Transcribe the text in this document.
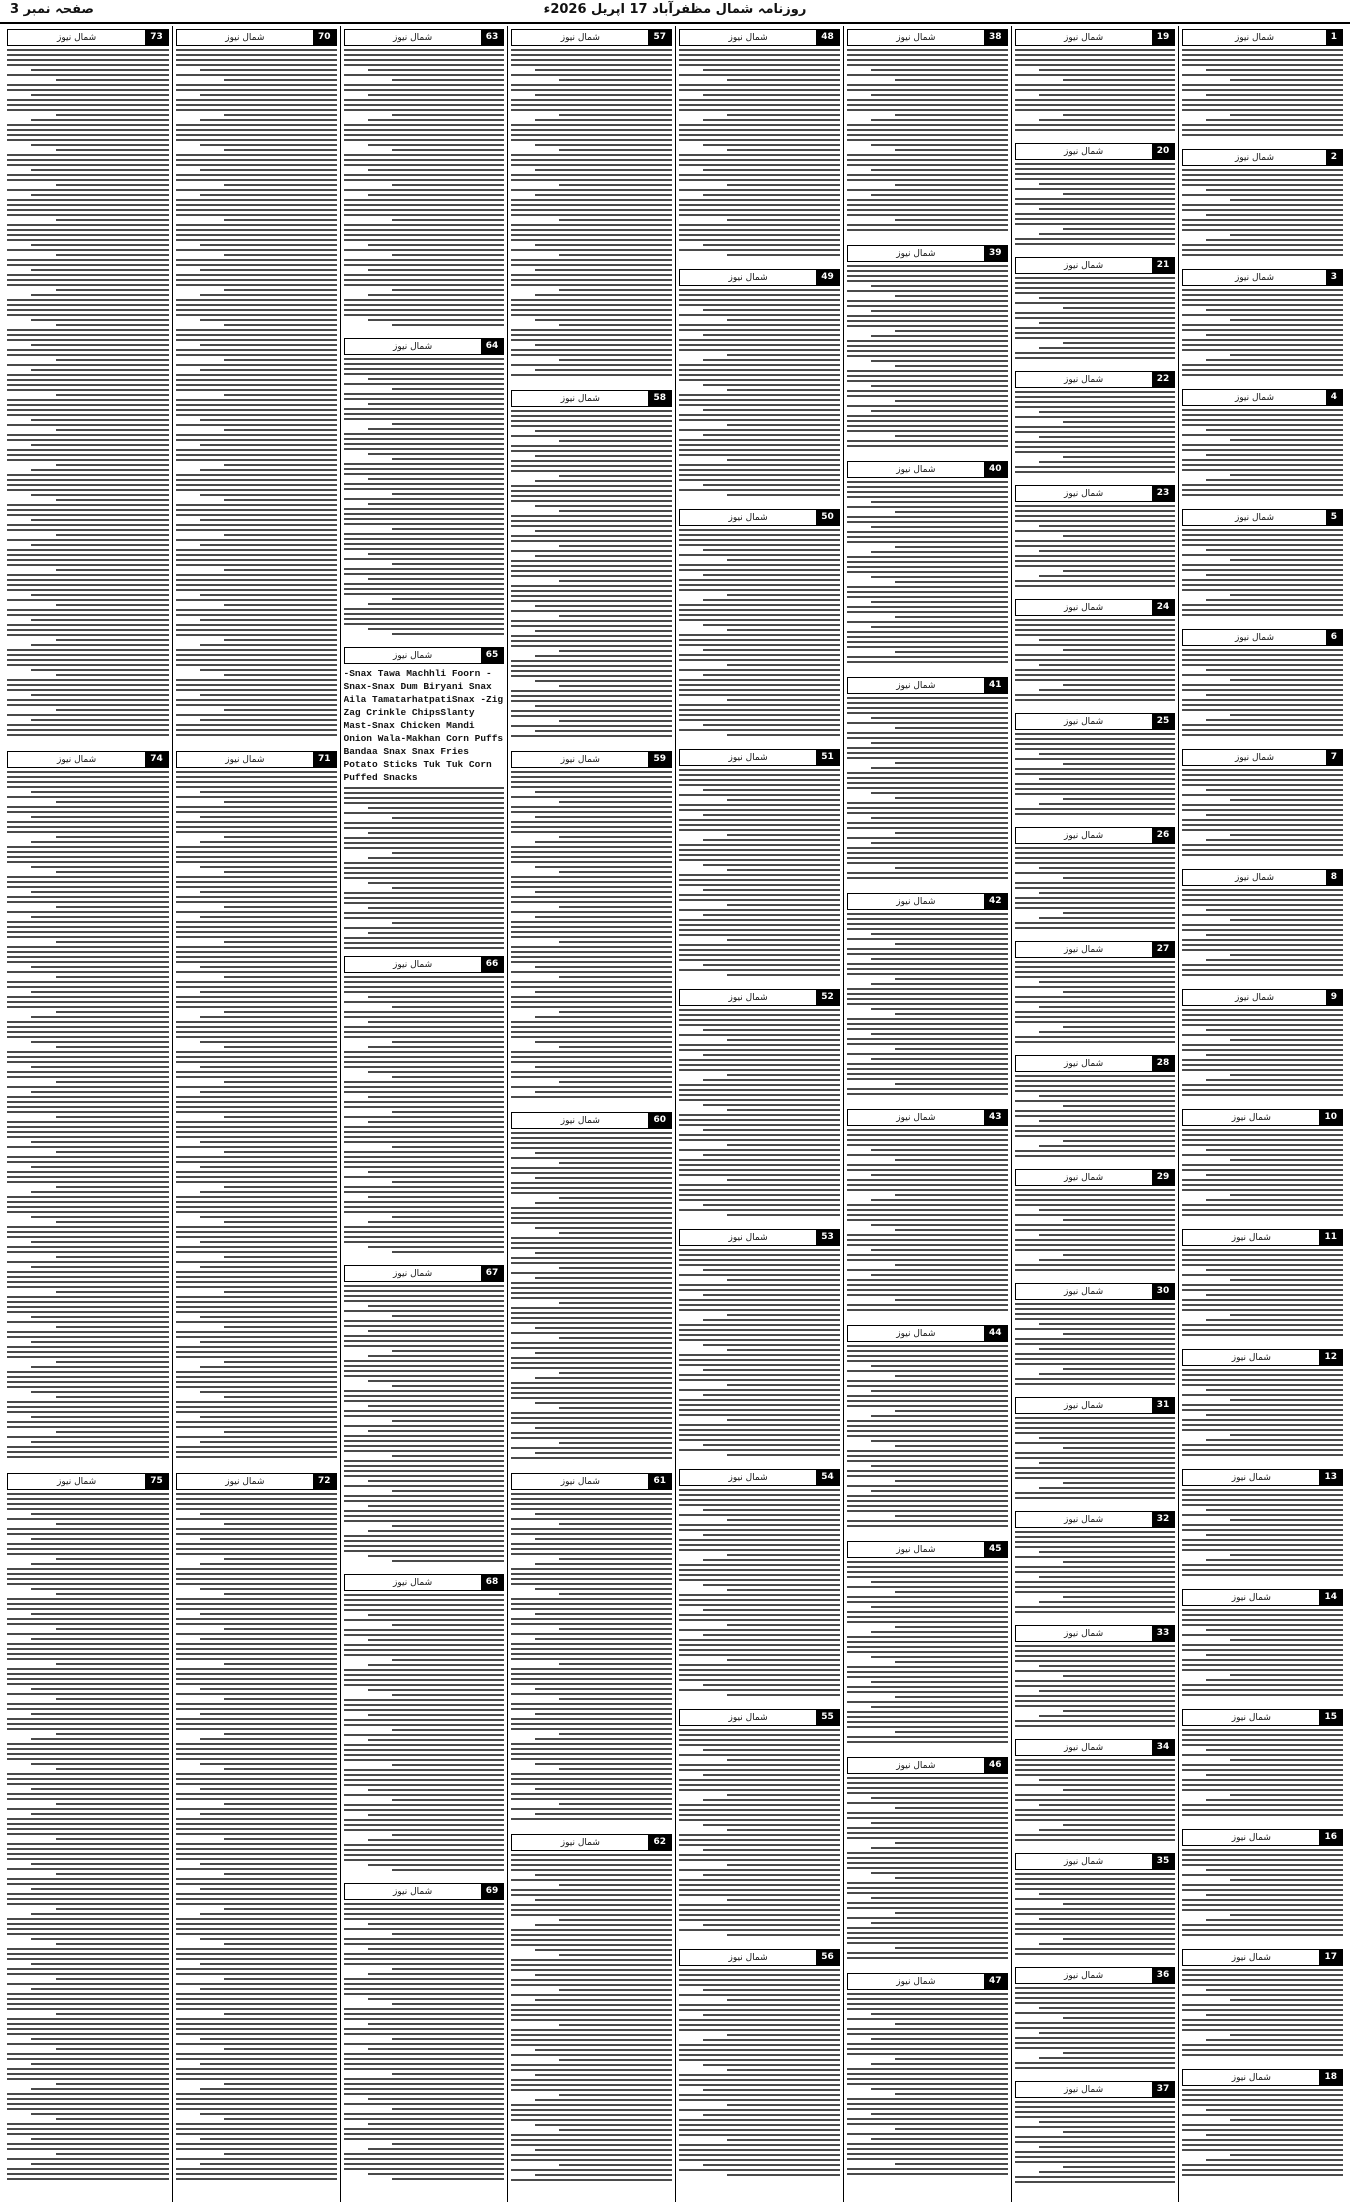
روزنامہ شمال مظفرآباد 17 اپریل 2026ء
صفحہ نمبر 3
1
شمال نیوز
2
شمال نیوز
3
شمال نیوز
4
شمال نیوز
5
شمال نیوز
6
شمال نیوز
7
شمال نیوز
8
شمال نیوز
9
شمال نیوز
10
شمال نیوز
11
شمال نیوز
12
شمال نیوز
13
شمال نیوز
14
شمال نیوز
15
شمال نیوز
16
شمال نیوز
17
شمال نیوز
18
شمال نیوز
19
شمال نیوز
20
شمال نیوز
21
شمال نیوز
22
شمال نیوز
23
شمال نیوز
24
شمال نیوز
25
شمال نیوز
26
شمال نیوز
27
شمال نیوز
28
شمال نیوز
29
شمال نیوز
30
شمال نیوز
31
شمال نیوز
32
شمال نیوز
33
شمال نیوز
34
شمال نیوز
35
شمال نیوز
36
شمال نیوز
37
شمال نیوز
38
شمال نیوز
39
شمال نیوز
40
شمال نیوز
41
شمال نیوز
42
شمال نیوز
43
شمال نیوز
44
شمال نیوز
45
شمال نیوز
46
شمال نیوز
47
شمال نیوز
48
شمال نیوز
49
شمال نیوز
50
شمال نیوز
51
شمال نیوز
52
شمال نیوز
53
شمال نیوز
54
شمال نیوز
55
شمال نیوز
56
شمال نیوز
57
شمال نیوز
58
شمال نیوز
59
شمال نیوز
60
شمال نیوز
61
شمال نیوز
62
شمال نیوز
63
شمال نیوز
64
شمال نیوز
65
شمال نیوز
-Snax Tawa Machhli Foorn -Snax-Snax Dum Biryani Snax Aila TamatarhatpatiSnax -Zig Zag Crinkle ChipsSlanty Mast-Snax Chicken Mandi Onion Wala-Makhan Corn Puffs Bandaa Snax Snax Fries Potato Sticks Tuk Tuk Corn Puffed Snacks
66
شمال نیوز
67
شمال نیوز
68
شمال نیوز
69
شمال نیوز
70
شمال نیوز
71
شمال نیوز
72
شمال نیوز
73
شمال نیوز
74
شمال نیوز
75
شمال نیوز
